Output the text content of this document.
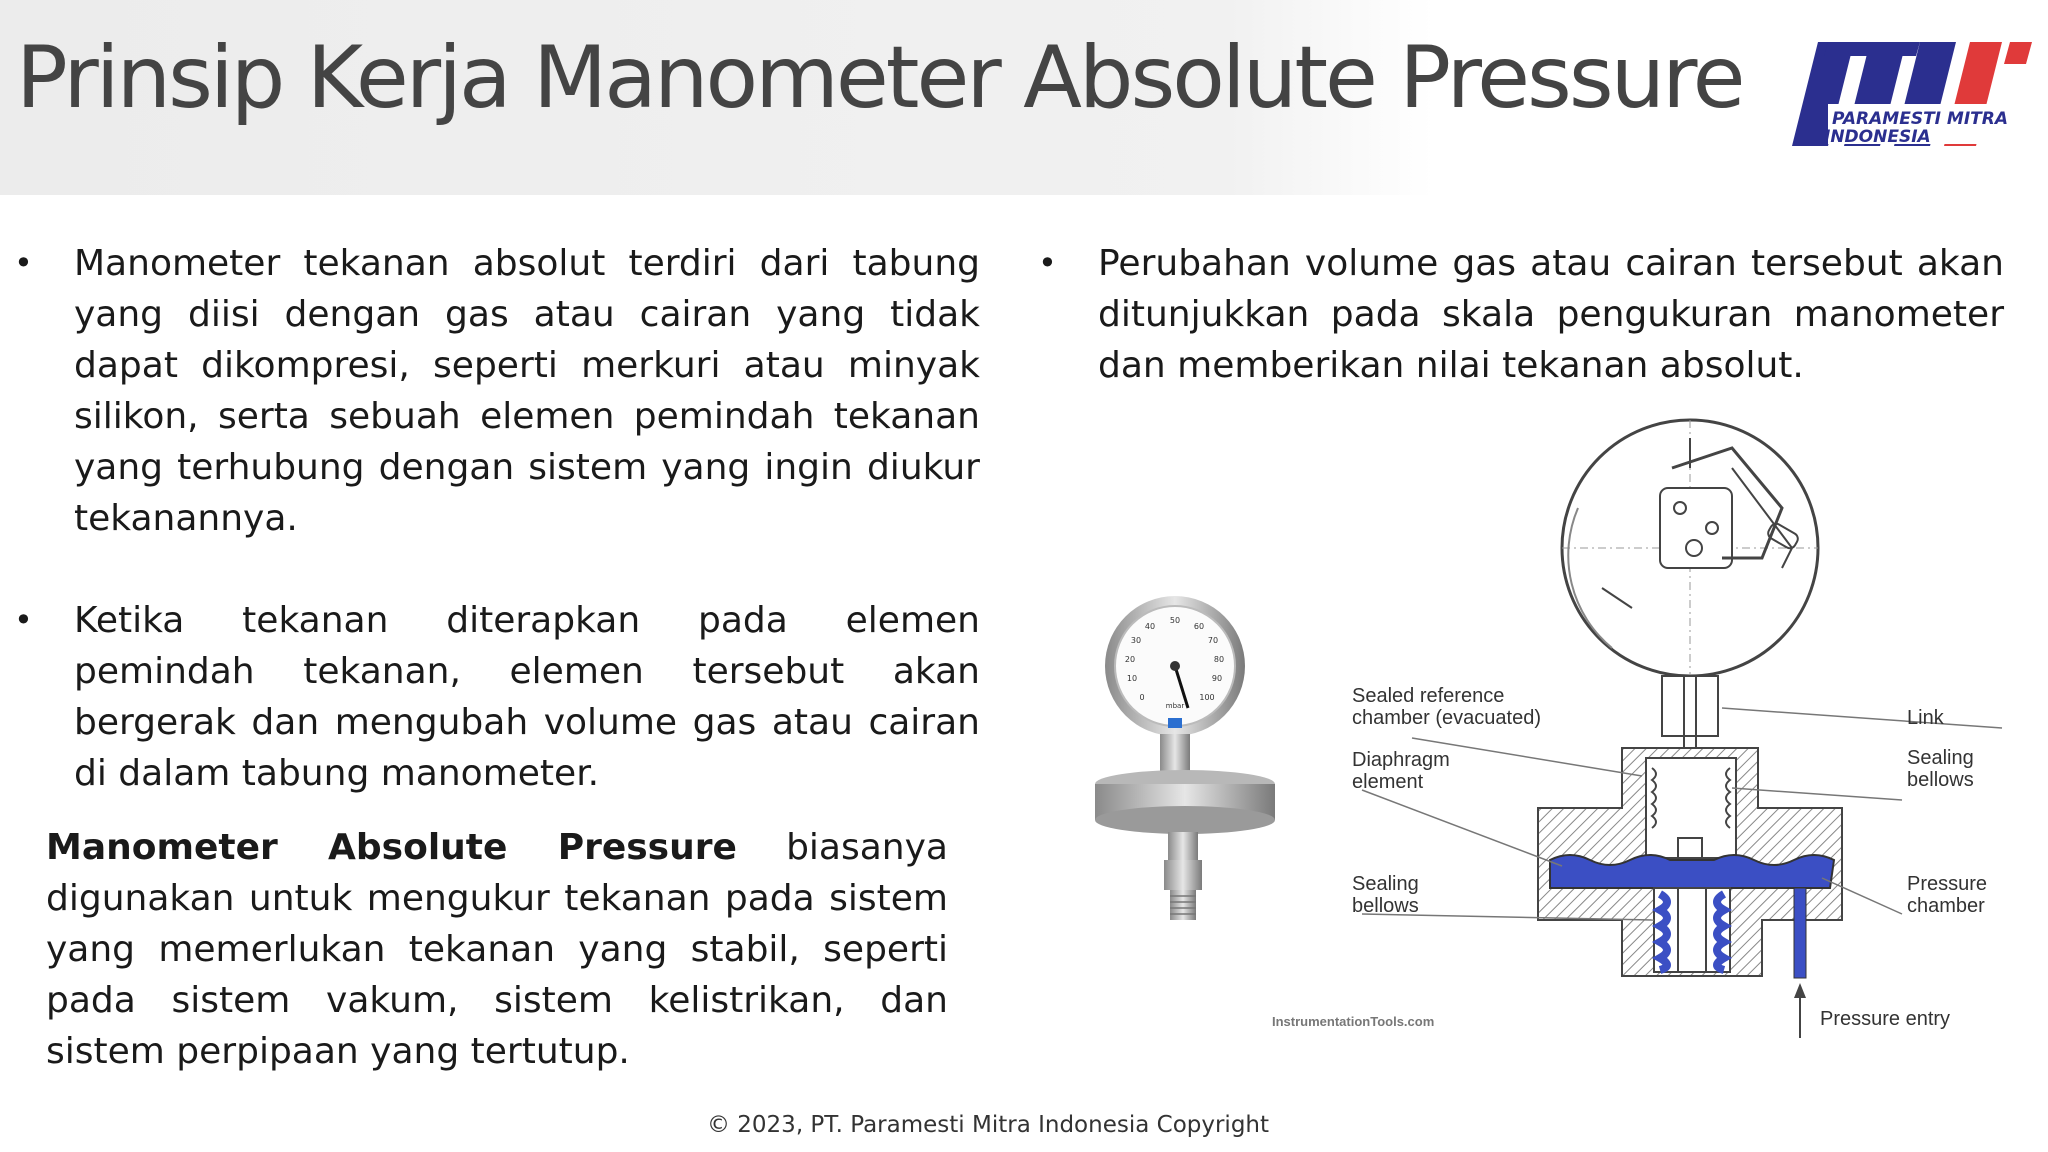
Prinsip Kerja Manometer Absolute Pressure	PARAMESTI MITRA
INDONESIA
• Manometer tekanan absolut terdiri dari tabung yang diisi dengan gas atau cairan yang tidak dapat dikompresi, seperti merkuri atau minyak silikon, serta sebuah elemen pemindah tekanan yang terhubung dengan sistem yang ingin diukur tekanannya.
• Ketika tekanan diterapkan pada elemen pemindah tekanan, elemen tersebut akan bergerak dan mengubah volume gas atau cairan di dalam tabung manometer.
Manometer Absolute Pressure biasanya digunakan untuk mengukur tekanan pada sistem yang memerlukan tekanan yang stabil, seperti pada sistem vakum, sistem kelistrikan, dan sistem perpipaan yang tertutup.
• Perubahan volume gas atau cairan tersebut akan ditunjukkan pada skala pengukuran manometer dan memberikan nilai tekanan absolut.
0
10
20
30
40
50
60
70
80
90
100
mbar	Sealed reference
chamber (evacuated)
Diaphragm
element
Sealing
bellows
Link
Sealing
bellows
Pressure
chamber
Pressure entry
InstrumentationTools.com
© 2023, PT. Paramesti Mitra Indonesia Copyright
